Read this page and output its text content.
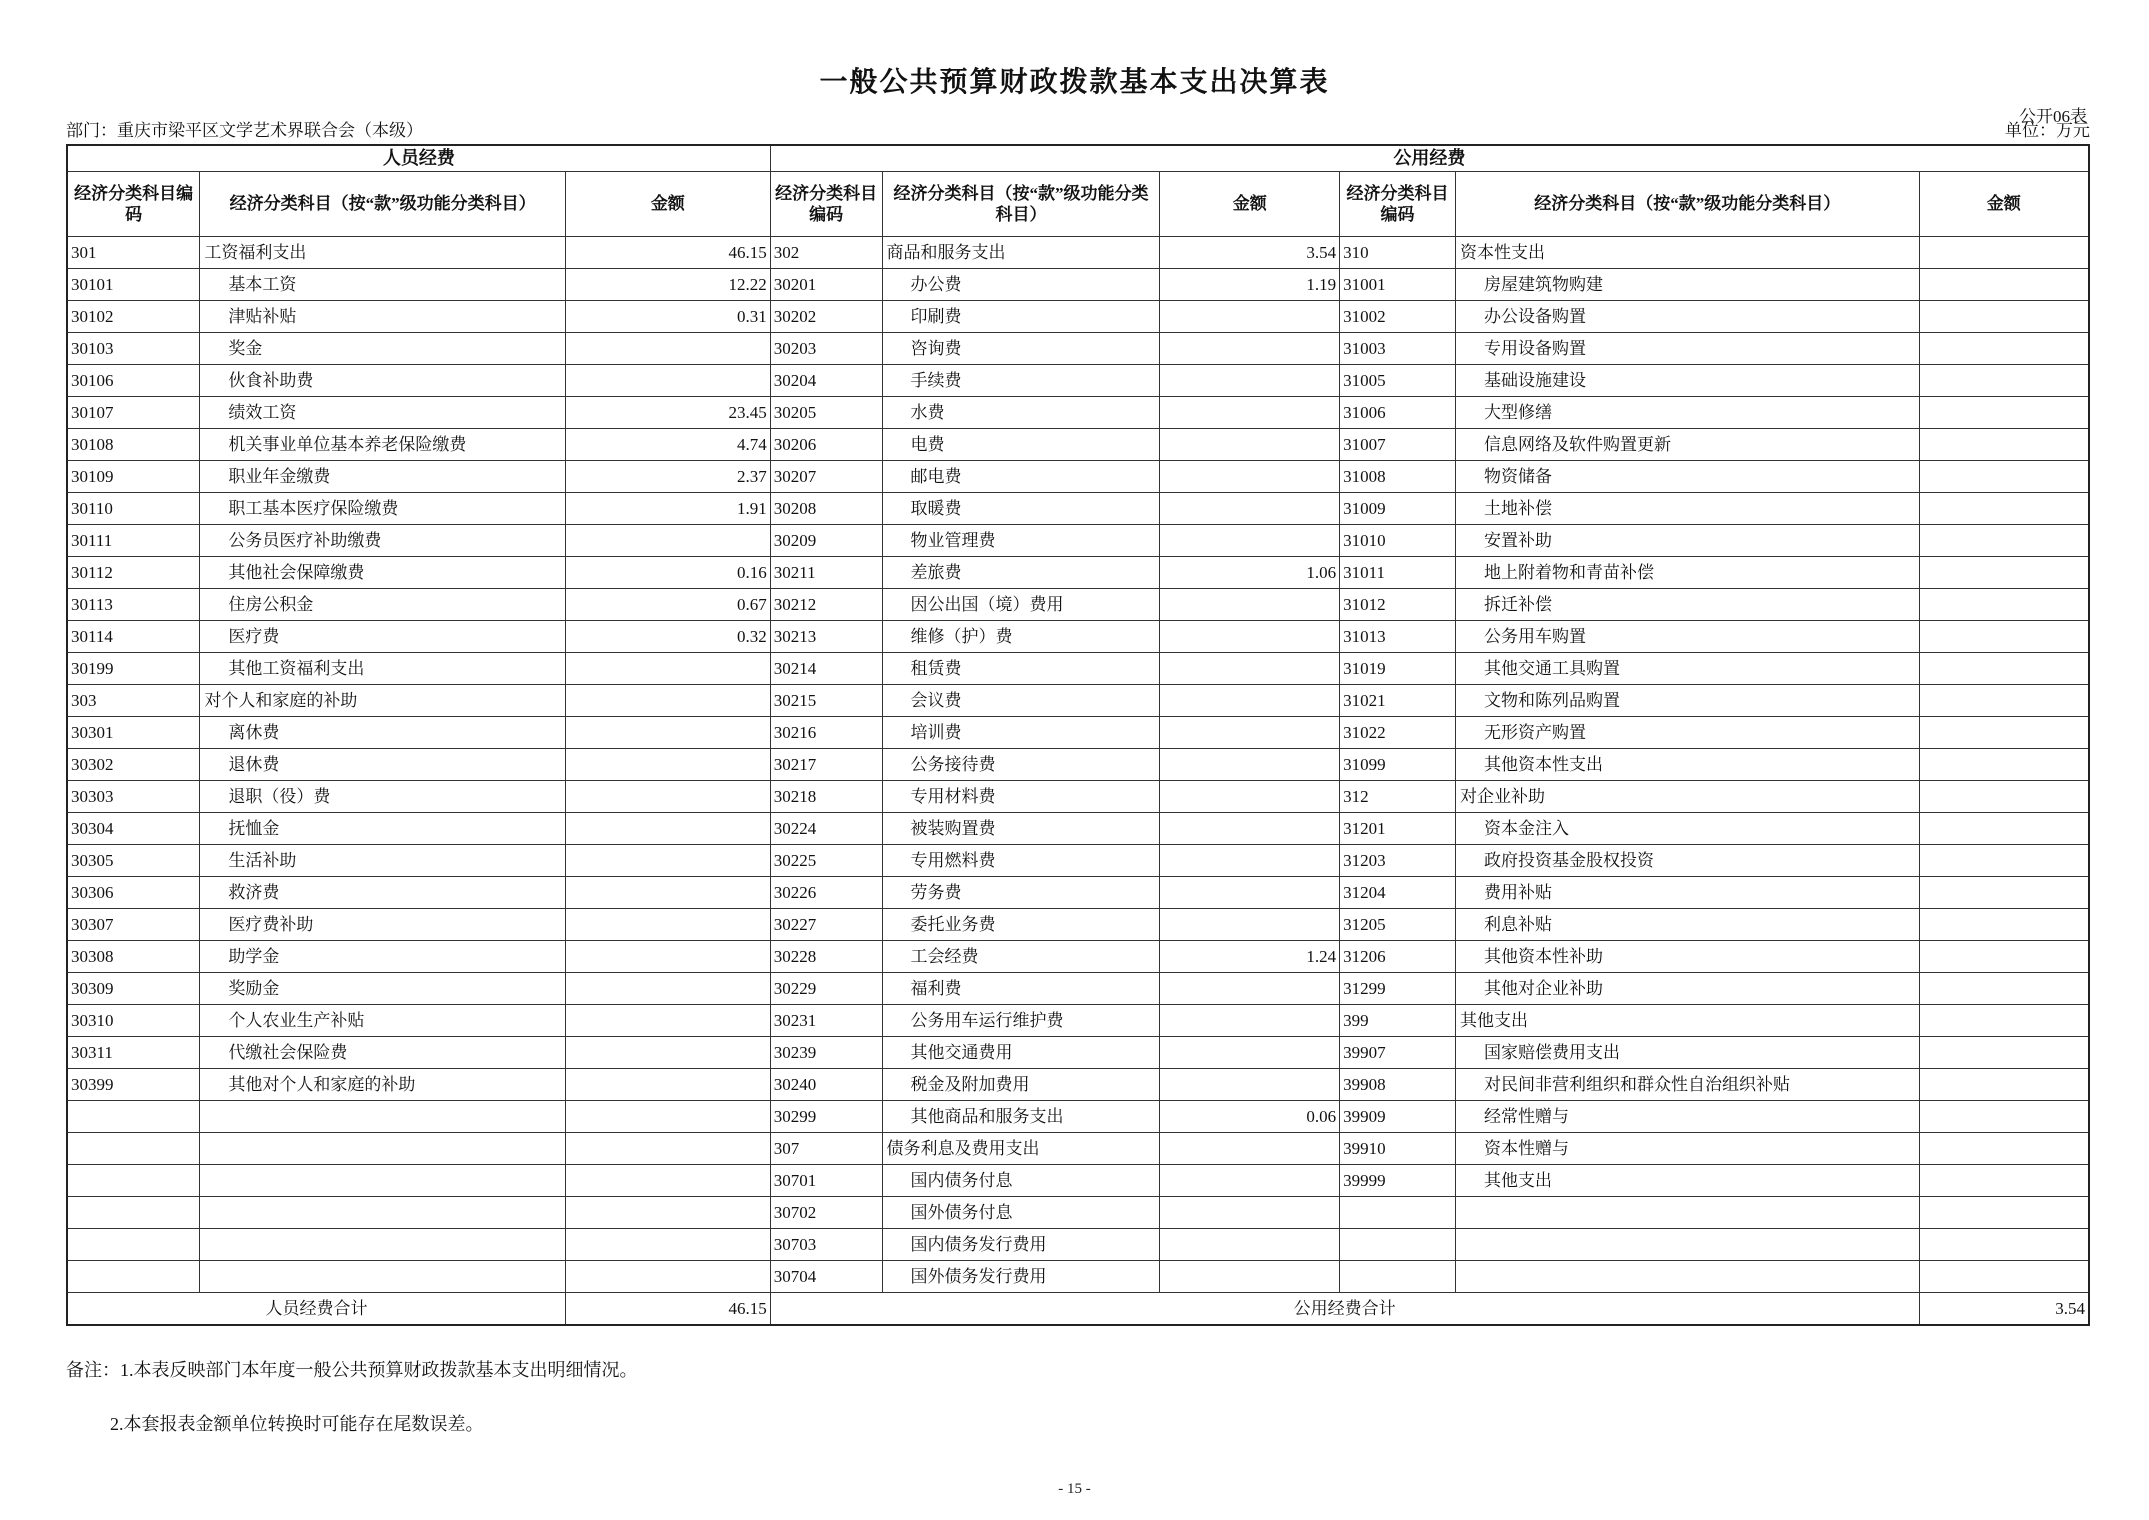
一般公共预算财政拨款基本支出决算表
公开06表
部门：重庆市梁平区文学艺术界联合会（本级）	单位：万元
人员经费			公用经费					
经济分类科目编码	经济分类科目（按“款”级功能分类科目）	金额	经济分类科目编码	经济分类科目（按“款”级功能分类科目）	金额	经济分类科目编码	经济分类科目（按“款”级功能分类科目）	金额
301	工资福利支出	46.15	302	商品和服务支出	3.54	310	资本性支出	
30101	基本工资	12.22	30201	办公费	1.19	31001	房屋建筑物购建	
30102	津贴补贴	0.31	30202	印刷费		31002	办公设备购置	
30103	奖金		30203	咨询费		31003	专用设备购置	
30106	伙食补助费		30204	手续费		31005	基础设施建设	
30107	绩效工资	23.45	30205	水费		31006	大型修缮	
30108	机关事业单位基本养老保险缴费	4.74	30206	电费		31007	信息网络及软件购置更新	
30109	职业年金缴费	2.37	30207	邮电费		31008	物资储备	
30110	职工基本医疗保险缴费	1.91	30208	取暖费		31009	土地补偿	
30111	公务员医疗补助缴费		30209	物业管理费		31010	安置补助	
30112	其他社会保障缴费	0.16	30211	差旅费	1.06	31011	地上附着物和青苗补偿	
30113	住房公积金	0.67	30212	因公出国（境）费用		31012	拆迁补偿	
30114	医疗费	0.32	30213	维修（护）费		31013	公务用车购置	
30199	其他工资福利支出		30214	租赁费		31019	其他交通工具购置	
303	对个人和家庭的补助		30215	会议费		31021	文物和陈列品购置	
30301	离休费		30216	培训费		31022	无形资产购置	
30302	退休费		30217	公务接待费		31099	其他资本性支出	
30303	退职（役）费		30218	专用材料费		312	对企业补助	
30304	抚恤金		30224	被装购置费		31201	资本金注入	
30305	生活补助		30225	专用燃料费		31203	政府投资基金股权投资	
30306	救济费		30226	劳务费		31204	费用补贴	
30307	医疗费补助		30227	委托业务费		31205	利息补贴	
30308	助学金		30228	工会经费	1.24	31206	其他资本性补助	
30309	奖励金		30229	福利费		31299	其他对企业补助	
30310	个人农业生产补贴		30231	公务用车运行维护费		399	其他支出	
30311	代缴社会保险费		30239	其他交通费用		39907	国家赔偿费用支出	
30399	其他对个人和家庭的补助		30240	税金及附加费用		39908	对民间非营利组织和群众性自治组织补贴	
			30299	其他商品和服务支出	0.06	39909	经常性赠与	
			307	债务利息及费用支出		39910	资本性赠与	
			30701	国内债务付息		39999	其他支出	
			30702	国外债务付息				
			30703	国内债务发行费用				
			30704	国外债务发行费用				
人员经费合计		46.15	公用经费合计					3.54
备注：1.本表反映部门本年度一般公共预算财政拨款基本支出明细情况。
2.本套报表金额单位转换时可能存在尾数误差。
- 15 -
